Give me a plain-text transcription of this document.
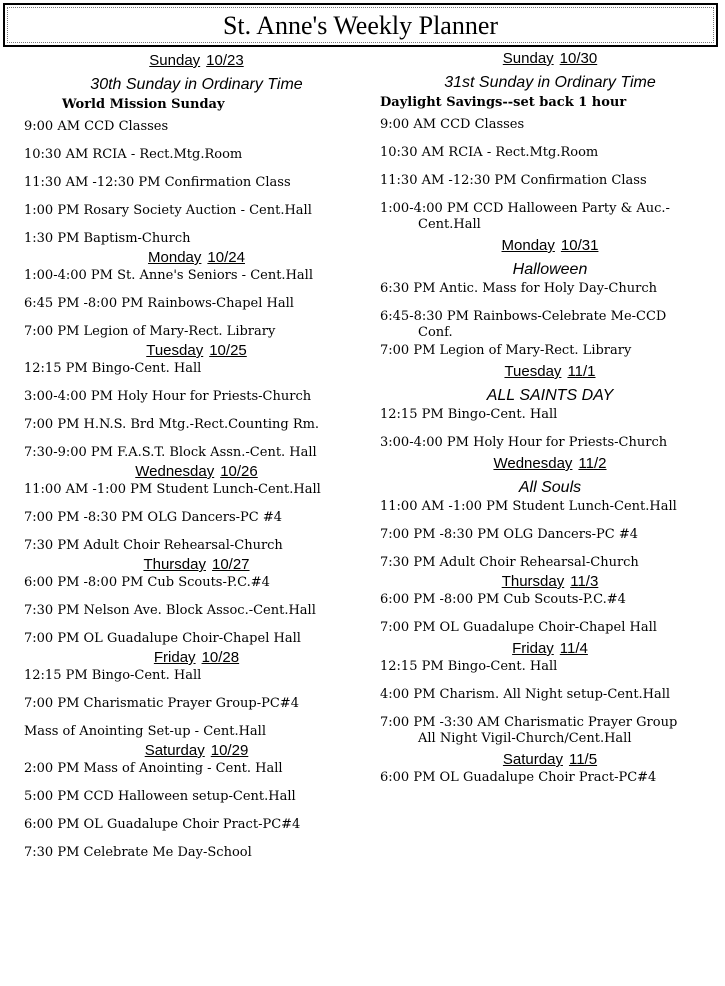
St. Anne's Weekly Planner
Sunday 10/23
30th Sunday in Ordinary Time
World Mission Sunday
9:00 AM CCD Classes
10:30 AM RCIA - Rect.Mtg.Room
11:30 AM -12:30 PM Confirmation Class
1:00 PM Rosary Society Auction - Cent.Hall
1:30 PM Baptism-Church
Monday 10/24
1:00-4:00 PM St. Anne's Seniors - Cent.Hall
6:45 PM -8:00 PM Rainbows-Chapel Hall
7:00 PM Legion of Mary-Rect. Library
Tuesday 10/25
12:15 PM Bingo-Cent. Hall
3:00-4:00 PM Holy Hour for Priests-Church
7:00 PM H.N.S. Brd Mtg.-Rect.Counting Rm.
7:30-9:00 PM F.A.S.T. Block Assn.-Cent. Hall
Wednesday 10/26
11:00 AM -1:00 PM Student Lunch-Cent.Hall
7:00 PM -8:30 PM OLG Dancers-PC #4
7:30 PM Adult Choir Rehearsal-Church
Thursday 10/27
6:00 PM -8:00 PM Cub Scouts-P.C.#4
7:30 PM Nelson Ave. Block Assoc.-Cent.Hall
7:00 PM OL Guadalupe Choir-Chapel Hall
Friday 10/28
12:15 PM Bingo-Cent. Hall
7:00 PM Charismatic Prayer Group-PC#4
Mass of Anointing Set-up - Cent.Hall
Saturday 10/29
2:00 PM Mass of Anointing - Cent. Hall
5:00 PM CCD Halloween setup-Cent.Hall
6:00 PM OL Guadalupe Choir Pract-PC#4
7:30 PM Celebrate Me Day-School
Sunday 10/30
31st Sunday in Ordinary Time
Daylight Savings--set back 1 hour
9:00 AM CCD Classes
10:30 AM RCIA - Rect.Mtg.Room
11:30 AM -12:30 PM Confirmation Class
1:00-4:00 PM CCD Halloween Party & Auc.-
Cent.Hall
Monday 10/31
Halloween
6:30 PM Antic. Mass for Holy Day-Church
6:45-8:30 PM Rainbows-Celebrate Me-CCD
Conf.
7:00 PM Legion of Mary-Rect. Library
Tuesday 11/1
ALL SAINTS DAY
12:15 PM Bingo-Cent. Hall
3:00-4:00 PM Holy Hour for Priests-Church
Wednesday 11/2
All Souls
11:00 AM -1:00 PM Student Lunch-Cent.Hall
7:00 PM -8:30 PM OLG Dancers-PC #4
7:30 PM Adult Choir Rehearsal-Church
Thursday 11/3
6:00 PM -8:00 PM Cub Scouts-P.C.#4
7:00 PM OL Guadalupe Choir-Chapel Hall
Friday 11/4
12:15 PM Bingo-Cent. Hall
4:00 PM Charism. All Night setup-Cent.Hall
7:00 PM -3:30 AM Charismatic Prayer Group
All Night Vigil-Church/Cent.Hall
Saturday 11/5
6:00 PM OL Guadalupe Choir Pract-PC#4
